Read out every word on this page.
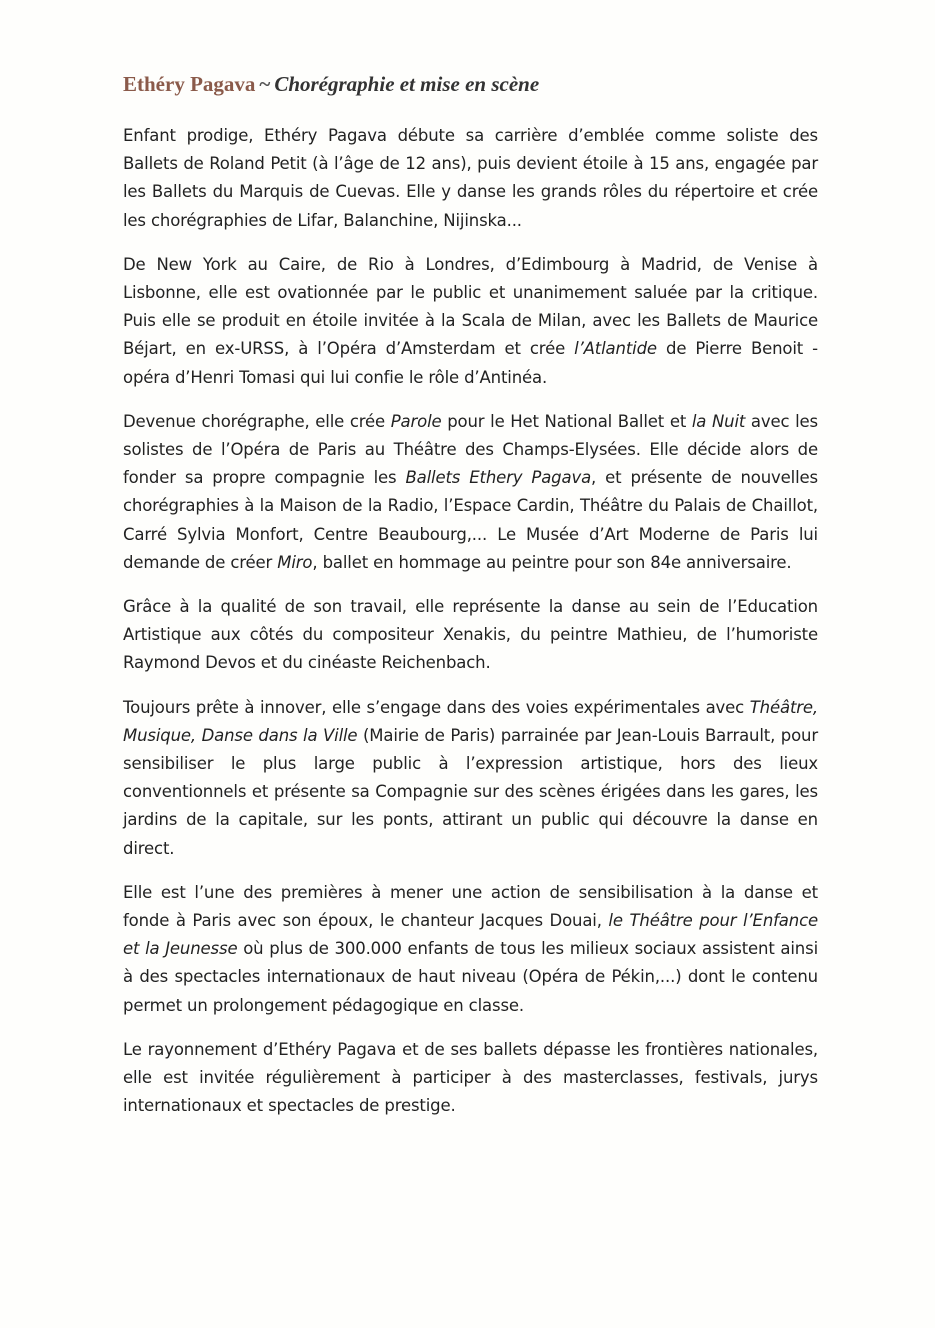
Ethéry Pagava ~ Chorégraphie et mise en scène

Enfant prodige, Ethéry Pagava débute sa carrière d’emblée comme soliste des Ballets de Roland Petit (à l’âge de 12 ans), puis devient étoile à 15 ans, engagée par les Ballets du Marquis de Cuevas. Elle y danse les grands rôles du répertoire et crée les chorégraphies de Lifar, Balanchine, Nijinska...

De New York au Caire, de Rio à Londres, d’Edimbourg à Madrid, de Venise à Lisbonne, elle est ovationnée par le public et unanimement saluée par la critique. Puis elle se produit en étoile invitée à la Scala de Milan, avec les Ballets de Maurice Béjart, en ex-URSS, à l’Opéra d’Amsterdam et crée l’Atlantide de Pierre Benoit - opéra d’Henri Tomasi qui lui confie le rôle d’Antinéa.

Devenue chorégraphe, elle crée Parole pour le Het National Ballet et la Nuit avec les solistes de l’Opéra de Paris au Théâtre des Champs-Elysées. Elle décide alors de fonder sa propre compagnie les Ballets Ethery Pagava, et présente de nouvelles chorégraphies à la Maison de la Radio, l’Espace Cardin, Théâtre du Palais de Chaillot, Carré Sylvia Monfort, Centre Beaubourg,... Le Musée d’Art Moderne de Paris lui demande de créer Miro, ballet en hommage au peintre pour son 84e anniversaire.

Grâce à la qualité de son travail, elle représente la danse au sein de l’Education Artistique aux côtés du compositeur Xenakis, du peintre Mathieu, de l’humoriste Raymond Devos et du cinéaste Reichenbach.

Toujours prête à innover, elle s’engage dans des voies expérimentales avec Théâtre, Musique, Danse dans la Ville (Mairie de Paris) parrainée par Jean-Louis Barrault, pour sensibiliser le plus large public à l’expression artistique, hors des lieux conventionnels et présente sa Compagnie sur des scènes érigées dans les gares, les jardins de la capitale, sur les ponts, attirant un public qui découvre la danse en direct.

Elle est l’une des premières à mener une action de sensibilisation à la danse et fonde à Paris avec son époux, le chanteur Jacques Douai, le Théâtre pour l’Enfance et la Jeunesse où plus de 300.000 enfants de tous les milieux sociaux assistent ainsi à des spectacles internationaux de haut niveau (Opéra de Pékin,...) dont le contenu permet un prolongement pédagogique en classe.

Le rayonnement d’Ethéry Pagava et de ses ballets dépasse les frontières nationales, elle est invitée régulièrement à participer à des masterclasses, festivals, jurys internationaux et spectacles de prestige.
